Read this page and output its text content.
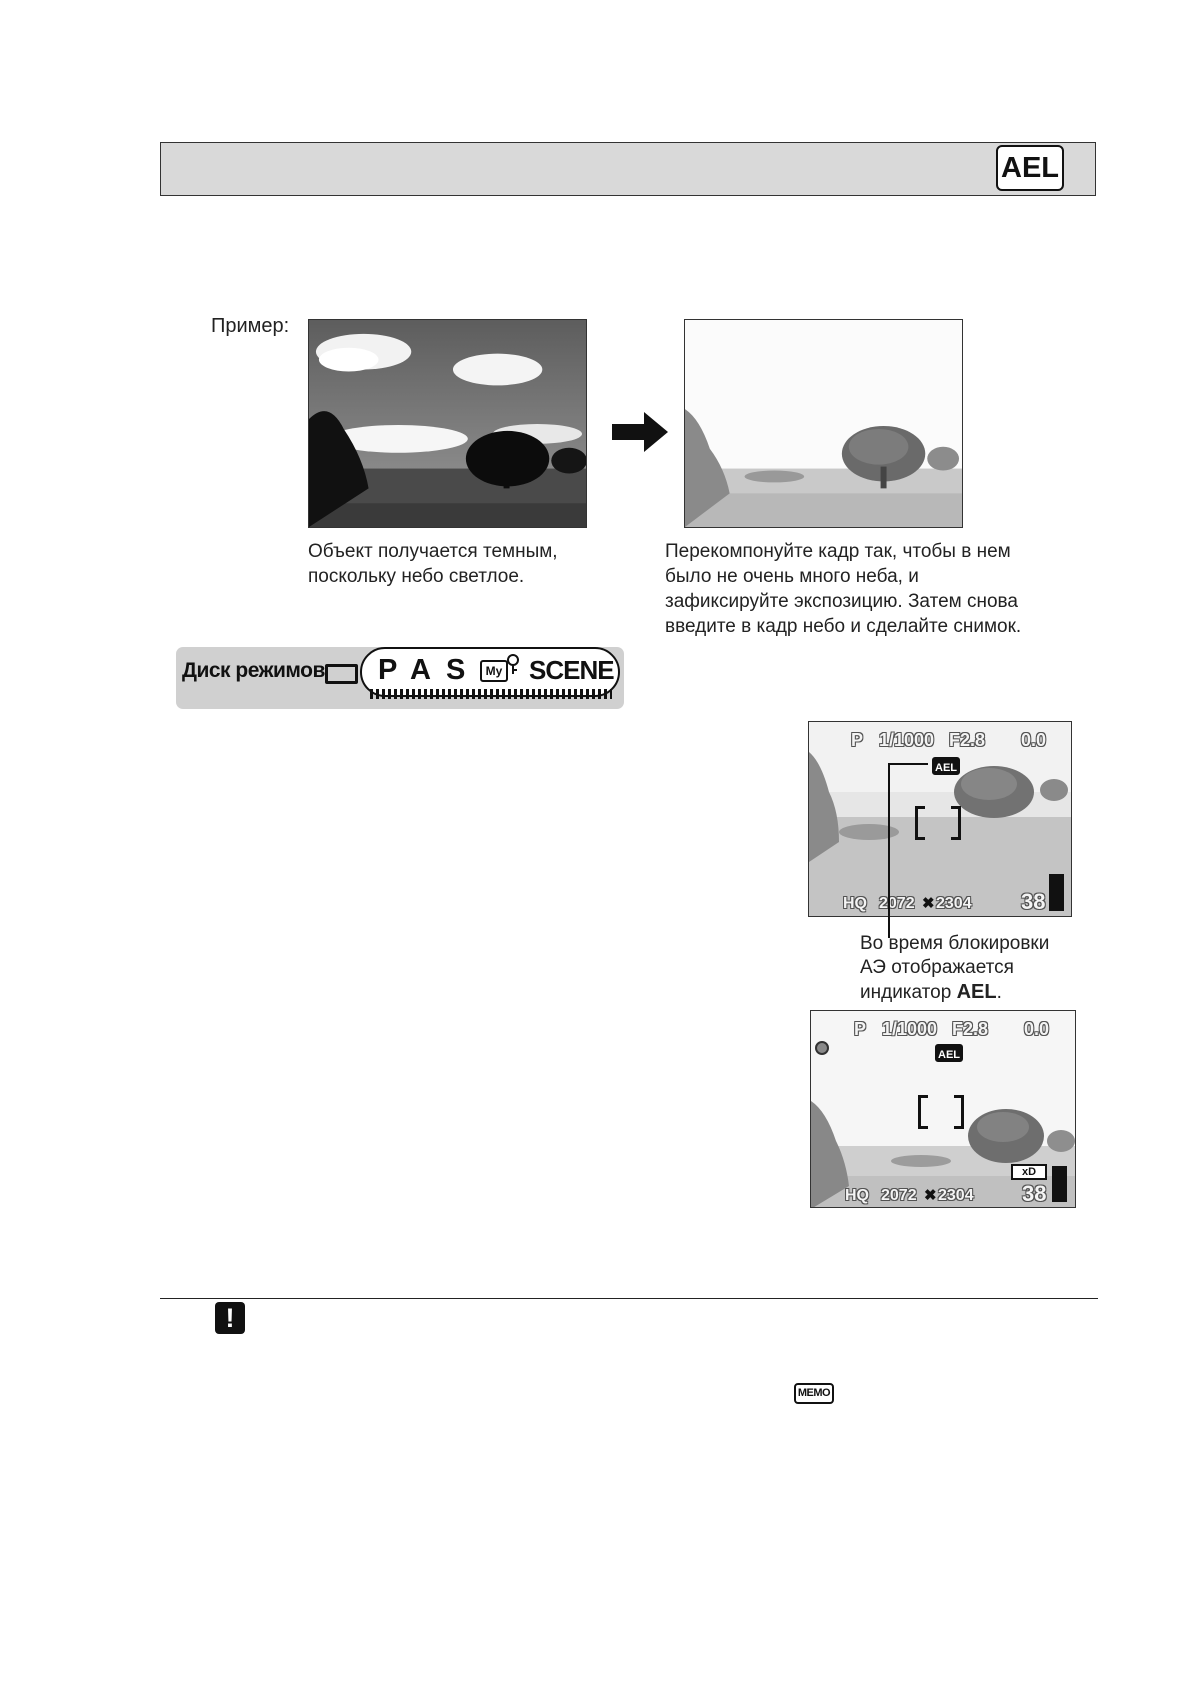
AEL
Пример:
Объект получается темным,
поскольку небо светлое.
Перекомпонуйте кадр так, чтобы в нем
было не очень много неба, и
зафиксируйте экспозицию. Затем снова
введите в кадр небо и сделайте снимок.
Диск режимов P A S	My SCENE
P 1/1000 F2.8 0.0
AEL
HQ 2072 ✖ 2304 38
Во время блокировки
АЭ отображается
индикатор AEL.
P 1/1000 F2.8 0.0
AEL
xD
HQ 2072 ✖ 2304 38
!
MEMO
